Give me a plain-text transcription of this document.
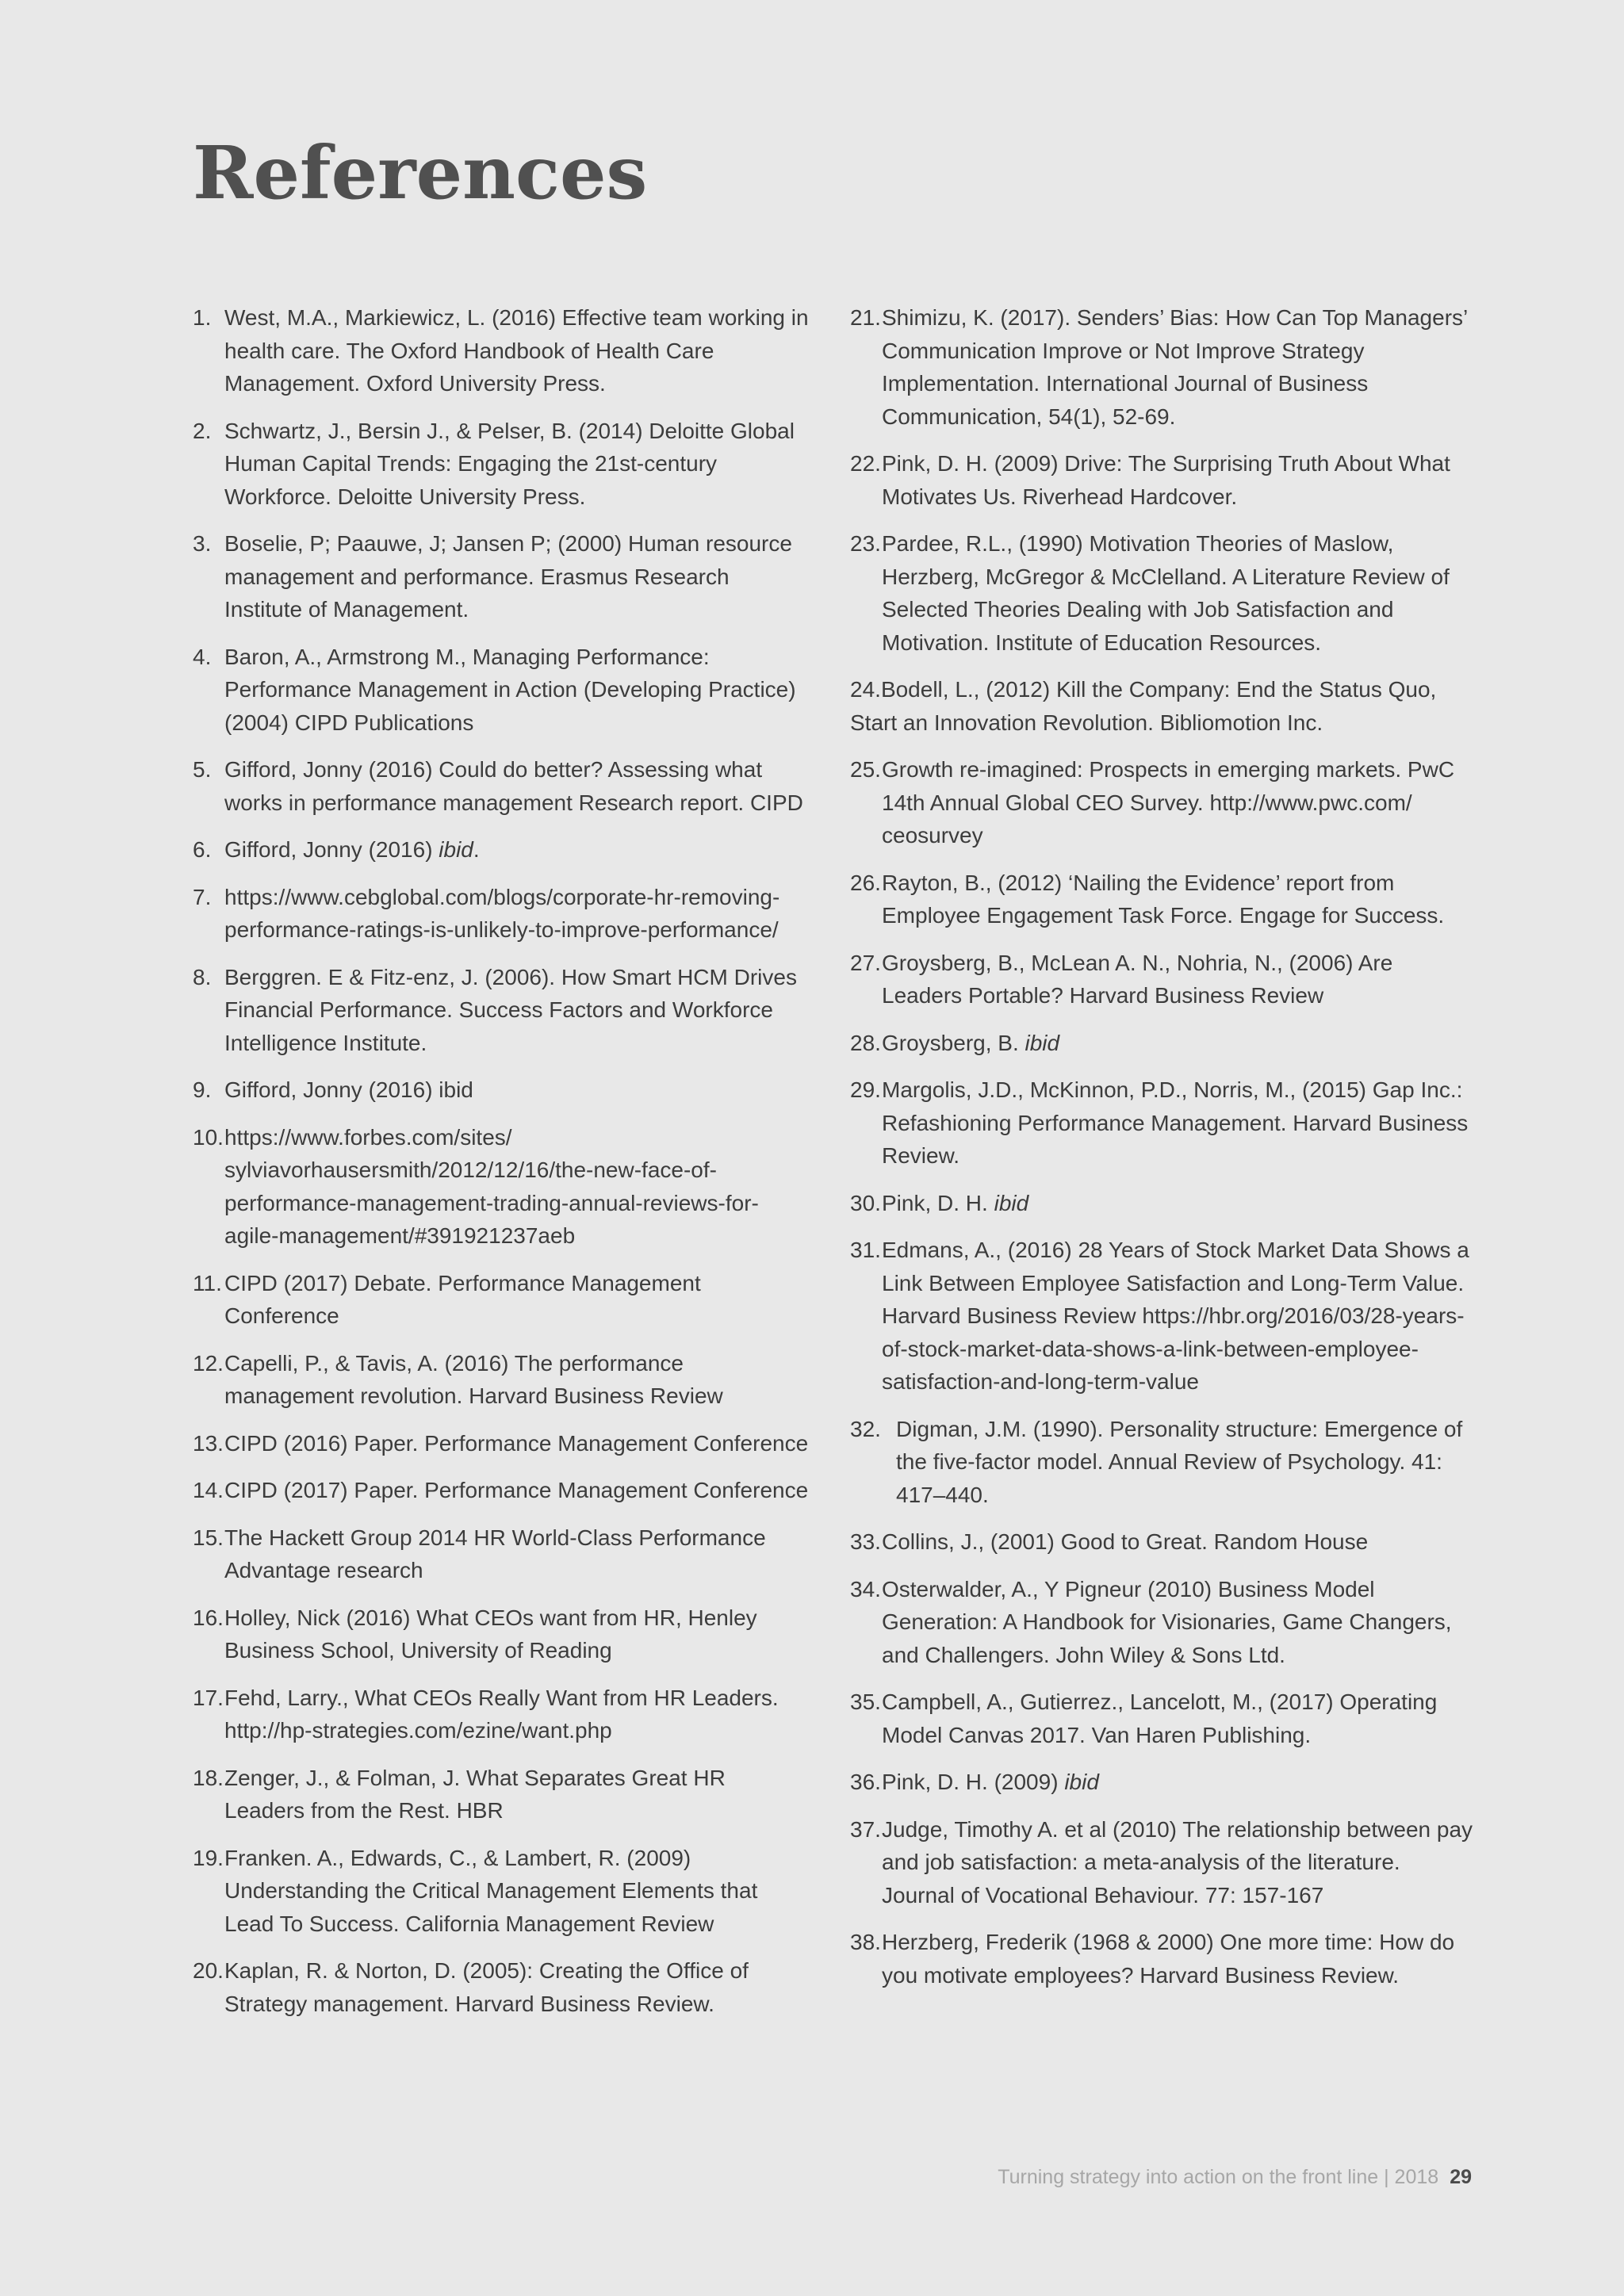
References
1. West, M.A., Markiewicz, L. (2016) Effective team working in health care. The Oxford Handbook of Health Care Management. Oxford University Press.
2. Schwartz, J., Bersin J., & Pelser, B. (2014) Deloitte Global Human Capital Trends: Engaging the 21st-century Workforce. Deloitte University Press.
3. Boselie, P; Paauwe, J; Jansen P; (2000) Human resource management and performance. Erasmus Research Institute of Management.
4. Baron, A., Armstrong M., Managing Performance: Performance Management in Action (Developing Practice) (2004) CIPD Publications
5. Gifford, Jonny (2016) Could do better? Assessing what works in performance management Research report. CIPD
6. Gifford, Jonny (2016) ibid.
7. https://www.cebglobal.com/blogs/corporate-hr-removing-performance-ratings-is-unlikely-to-improve-performance/
8. Berggren. E & Fitz-enz, J. (2006). How Smart HCM Drives Financial Performance. Success Factors and Workforce Intelligence Institute.
9. Gifford, Jonny (2016) ibid
10. https://www.forbes.com/sites/ sylviavorhausersmith/2012/12/16/the-new-face-of-performance-management-trading-annual-reviews-for-agile-management/#391921237aeb
11. CIPD (2017) Debate. Performance Management Conference
12. Capelli, P., & Tavis, A. (2016) The performance management revolution. Harvard Business Review
13. CIPD (2016) Paper. Performance Management Conference
14. CIPD (2017) Paper. Performance Management Conference
15. The Hackett Group 2014 HR World-Class Performance Advantage research
16. Holley, Nick (2016) What CEOs want from HR, Henley Business School, University of Reading
17. Fehd, Larry., What CEOs Really Want from HR Leaders. http://hp-strategies.com/ezine/want.php
18. Zenger, J., & Folman, J. What Separates Great HR Leaders from the Rest. HBR
19. Franken. A., Edwards, C., & Lambert, R. (2009) Understanding the Critical Management Elements that Lead To Success. California Management Review
20. Kaplan, R. & Norton, D. (2005): Creating the Office of Strategy management. Harvard Business Review.
21. Shimizu, K. (2017). Senders’ Bias: How Can Top Managers’ Communication Improve or Not Improve Strategy Implementation. International Journal of Business Communication, 54(1), 52-69.
22. Pink, D. H. (2009) Drive: The Surprising Truth About What Motivates Us. Riverhead Hardcover.
23. Pardee, R.L., (1990) Motivation Theories of Maslow, Herzberg, McGregor & McClelland. A Literature Review of Selected Theories Dealing with Job Satisfaction and Motivation. Institute of Education Resources.
24.Bodell, L., (2012) Kill the Company: End the Status Quo, Start an Innovation Revolution. Bibliomotion Inc.
25. Growth re-imagined: Prospects in emerging markets. PwC 14th Annual Global CEO Survey. http://www.pwc.com/ ceosurvey
26. Rayton, B., (2012) ‘Nailing the Evidence’ report from Employee Engagement Task Force. Engage for Success.
27. Groysberg, B., McLean A. N., Nohria, N., (2006) Are Leaders Portable? Harvard Business Review
28. Groysberg, B. ibid
29. Margolis, J.D., McKinnon, P.D., Norris, M., (2015) Gap Inc.: Refashioning Performance Management. Harvard Business Review.
30. Pink, D. H. ibid
31. Edmans, A., (2016) 28 Years of Stock Market Data Shows a Link Between Employee Satisfaction and Long-Term Value. Harvard Business Review https://hbr.org/2016/03/28-years-of-stock-market-data-shows-a-link-between-employee-satisfaction-and-long-term-value
32. Digman, J.M. (1990). Personality structure: Emergence of the five-factor model. Annual Review of Psychology. 41: 417–440.
33. Collins, J., (2001) Good to Great. Random House
34. Osterwalder, A., Y Pigneur (2010) Business Model Generation: A Handbook for Visionaries, Game Changers, and Challengers. John Wiley & Sons Ltd.
35. Campbell, A., Gutierrez., Lancelott, M., (2017) Operating Model Canvas 2017. Van Haren Publishing.
36. Pink, D. H. (2009) ibid
37. Judge, Timothy A. et al (2010) The relationship between pay and job satisfaction: a meta-analysis of the literature. Journal of Vocational Behaviour. 77: 157-167
38. Herzberg, Frederik (1968 & 2000) One more time: How do you motivate employees? Harvard Business Review.
Turning strategy into action on the front line | 2018 29
